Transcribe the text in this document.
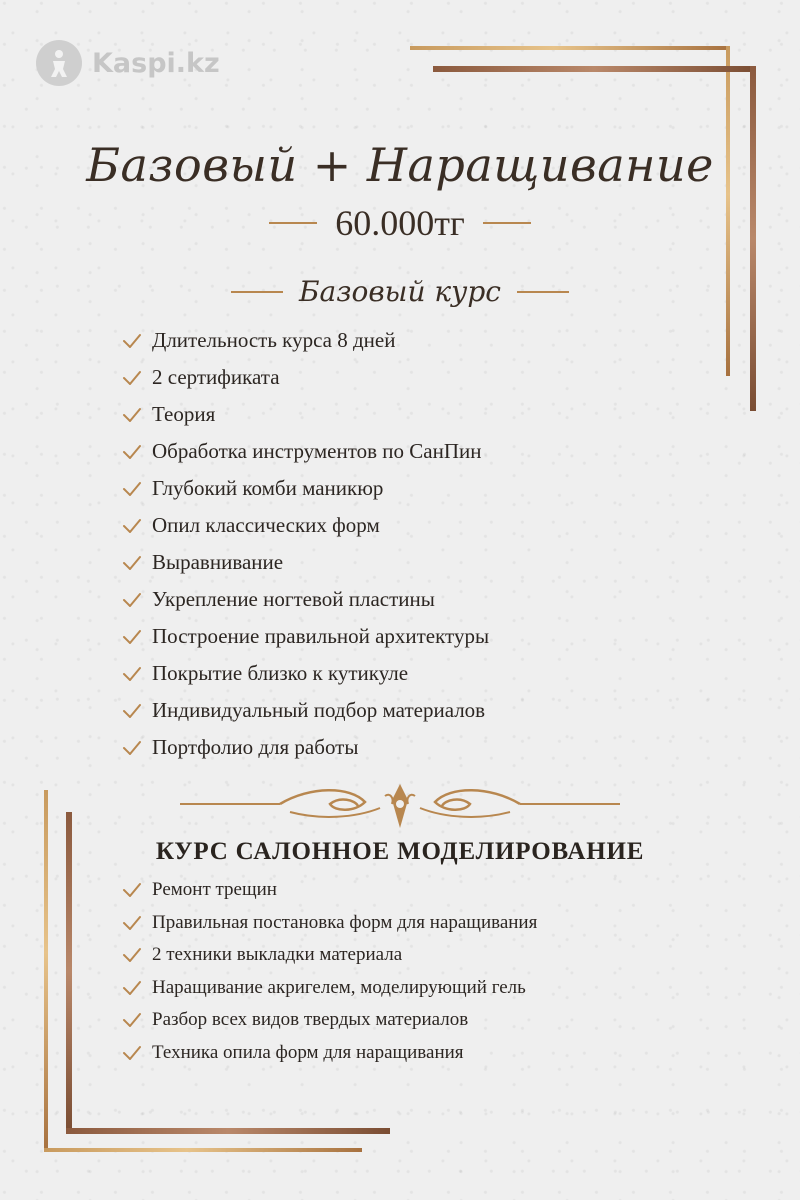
Kaspi.kz
Базовый + Наращивание
60.000тг
Базовый курс
Длительность курса 8 дней
2 сертификата
Теория
Обработка инструментов по СанПин
Глубокий комби маникюр
Опил классических форм
Выравнивание
Укрепление ногтевой пластины
Построение правильной архитектуры
Покрытие близко к кутикуле
Индивидуальный подбор материалов
Портфолио для работы
КУРС САЛОННОЕ МОДЕЛИРОВАНИЕ
Ремонт трещин
Правильная постановка форм для наращивания
2 техники выкладки материала
Наращивание акригелем, моделирующий гель
Разбор всех видов твердых материалов
Техника опила форм для наращивания
